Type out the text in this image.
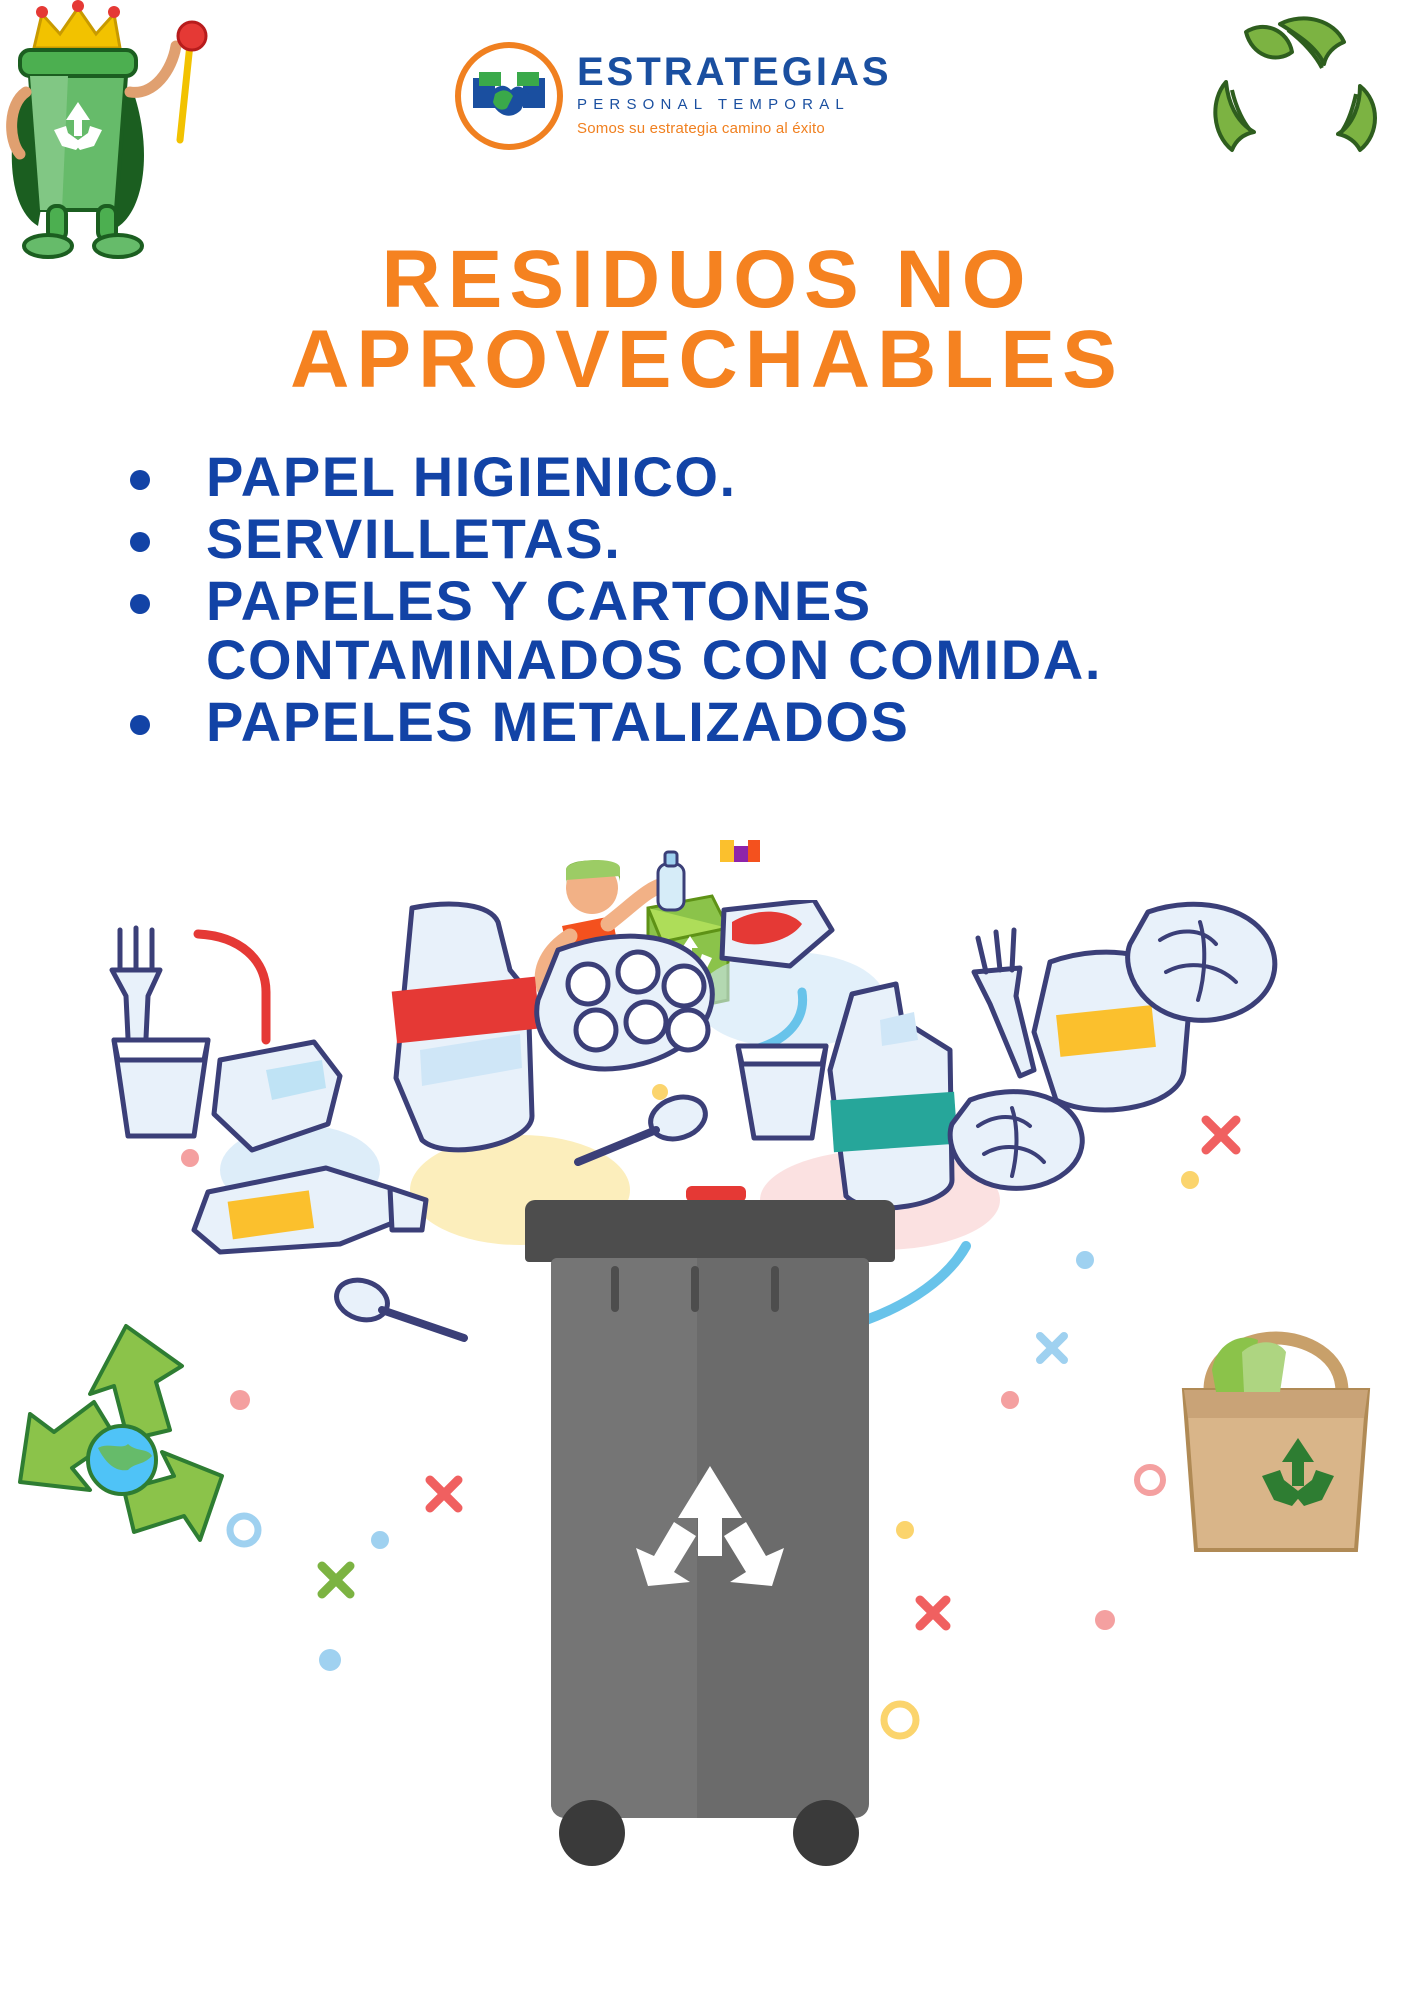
ESTRATEGIAS
PERSONAL TEMPORAL
Somos su estrategia camino al éxito
RESIDUOS NO APROVECHABLES
PAPEL HIGIENICO.
SERVILLETAS.
PAPELES Y CARTONES CONTAMINADOS CON COMIDA.
PAPELES METALIZADOS
